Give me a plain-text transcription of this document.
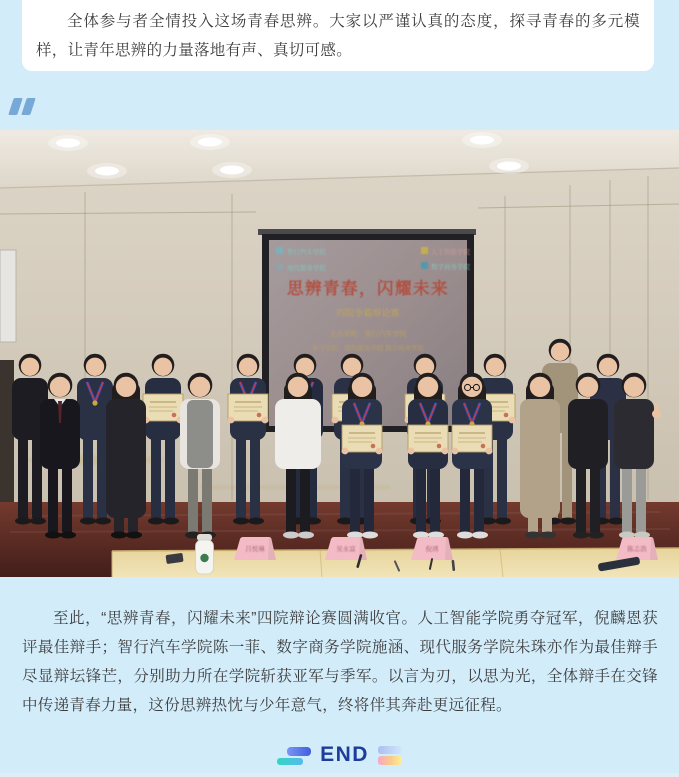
全体参与者全情投入这场青春思辨。大家以严谨认真的态度，探寻青春的多元模样，让青年思辨的力量落地有声、真切可感。

智行汽车学院
现代服务学院
人工智能学院
数字商务学院
思辨青春，闪耀未来
四院争霸辩论赛
主办学院：智行汽车学院
参与学院：现代服务学院 数字商务学院
吕悦琳	吴永富	倪琇	陈志浩

至此，“思辨青春，闪耀未来”四院辩论赛圆满收官。人工智能学院勇夺冠军，倪麟恩获评最佳辩手；智行汽车学院陈一菲、数字商务学院施涵、现代服务学院朱珠亦作为最佳辩手尽显辩坛锋芒，分别助力所在学院斩获亚军与季军。以言为刃，以思为光，全体辩手在交锋中传递青春力量，这份思辨热忱与少年意气，终将伴其奔赴更远征程。

END
